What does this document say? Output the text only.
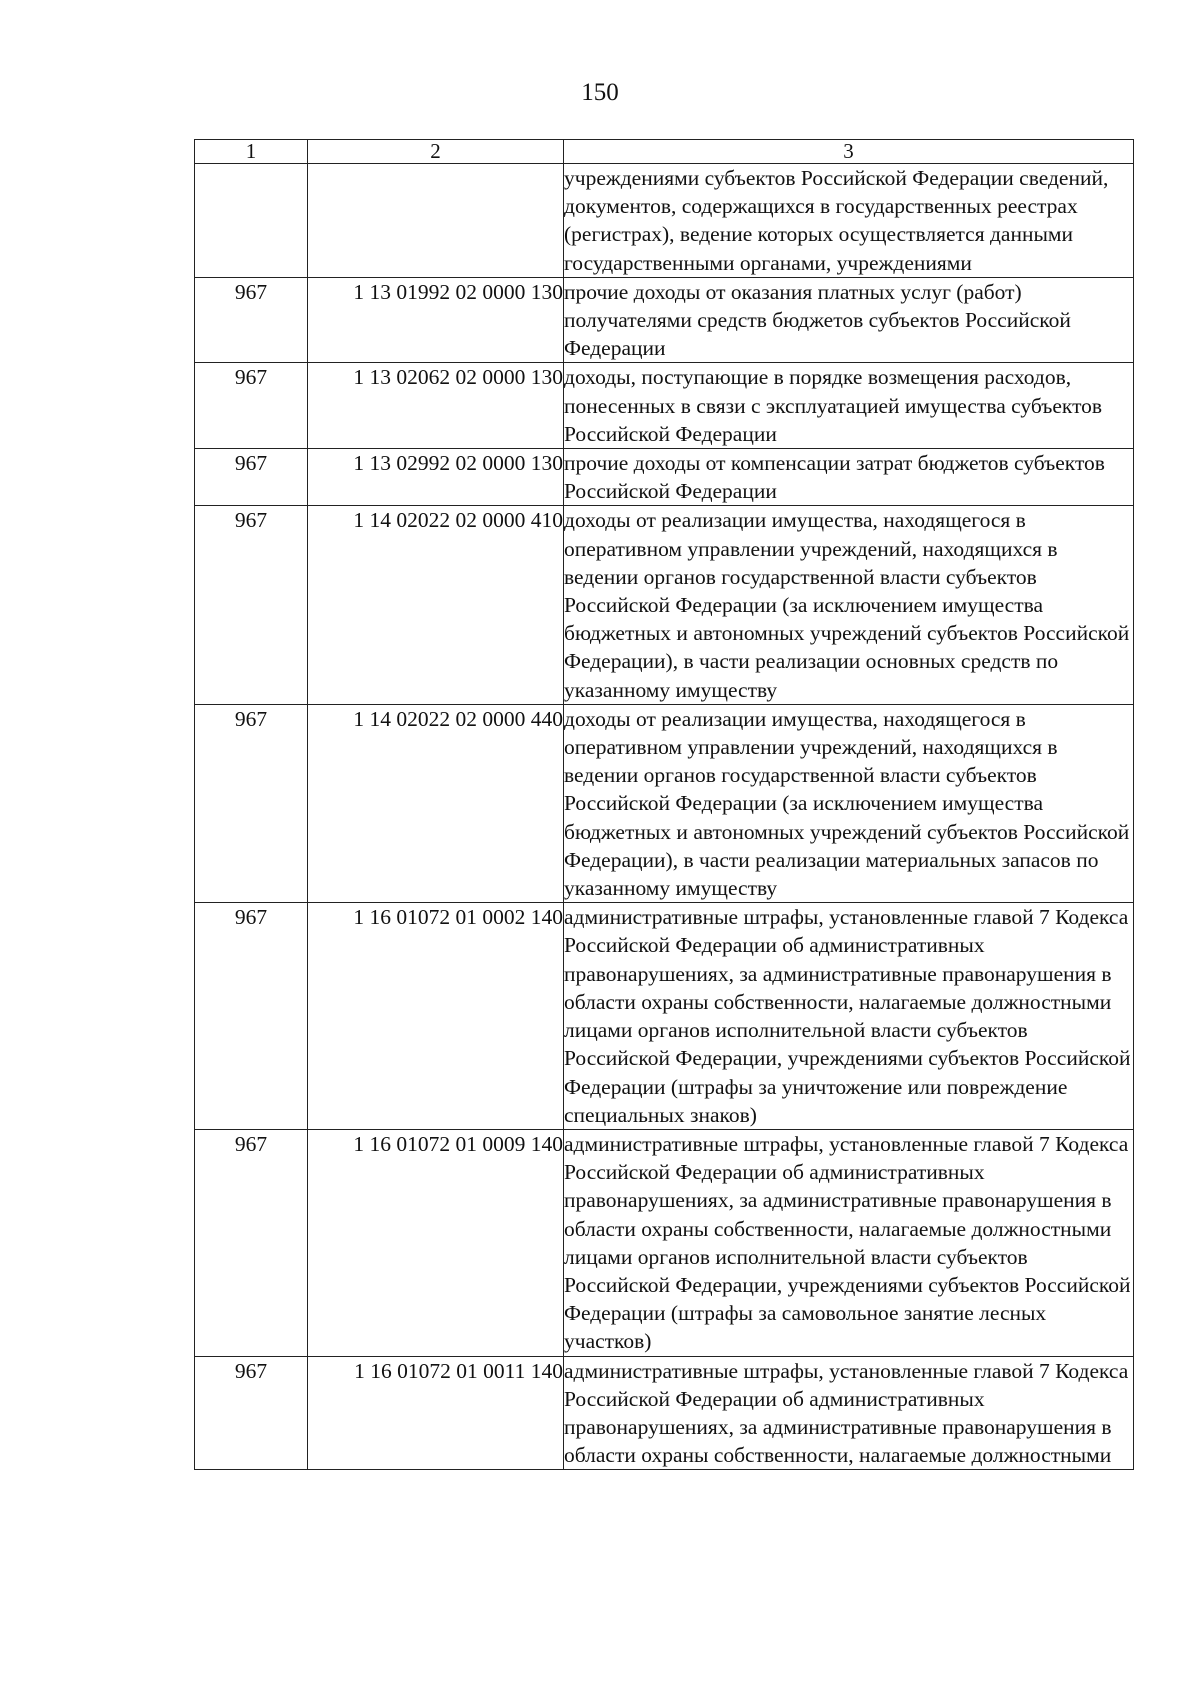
150
1	2	3
		учреждениями субъектов Российской Федерации сведений, документов, содержащихся в государственных реестрах (регистрах), ведение которых осуществляется данными государственными органами, учреждениями
967	1 13 01992 02 0000 130	прочие доходы от оказания платных услуг (работ) получателями средств бюджетов субъектов Российской Федерации
967	1 13 02062 02 0000 130	доходы, поступающие в порядке возмещения расходов, понесенных в связи с эксплуатацией имущества субъектов Российской Федерации
967	1 13 02992 02 0000 130	прочие доходы от компенсации затрат бюджетов субъектов Российской Федерации
967	1 14 02022 02 0000 410	доходы от реализации имущества, находящегося в оперативном управлении учреждений, находящихся в ведении органов государственной власти субъектов Российской Федерации (за исключением имущества бюджетных и автономных учреждений субъектов Российской Федерации), в части реализации основных средств по указанному имуществу
967	1 14 02022 02 0000 440	доходы от реализации имущества, находящегося в оперативном управлении учреждений, находящихся в ведении органов государственной власти субъектов Российской Федерации (за исключением имущества бюджетных и автономных учреждений субъектов Российской Федерации), в части реализации материальных запасов по указанному имуществу
967	1 16 01072 01 0002 140	административные штрафы, установленные главой 7 Кодекса Российской Федерации об административных правонарушениях, за административные правонарушения в области охраны собственности, налагаемые должностными лицами органов исполнительной власти субъектов Российской Федерации, учреждениями субъектов Российской Федерации (штрафы за уничтожение или повреждение специальных знаков)
967	1 16 01072 01 0009 140	административные штрафы, установленные главой 7 Кодекса Российской Федерации об административных правонарушениях, за административные правонарушения в области охраны собственности, налагаемые должностными лицами органов исполнительной власти субъектов Российской Федерации, учреждениями субъектов Российской Федерации (штрафы за самовольное занятие лесных участков)
967	1 16 01072 01 0011 140	административные штрафы, установленные главой 7 Кодекса Российской Федерации об административных правонарушениях, за административные правонарушения в области охраны собственности, налагаемые должностными
